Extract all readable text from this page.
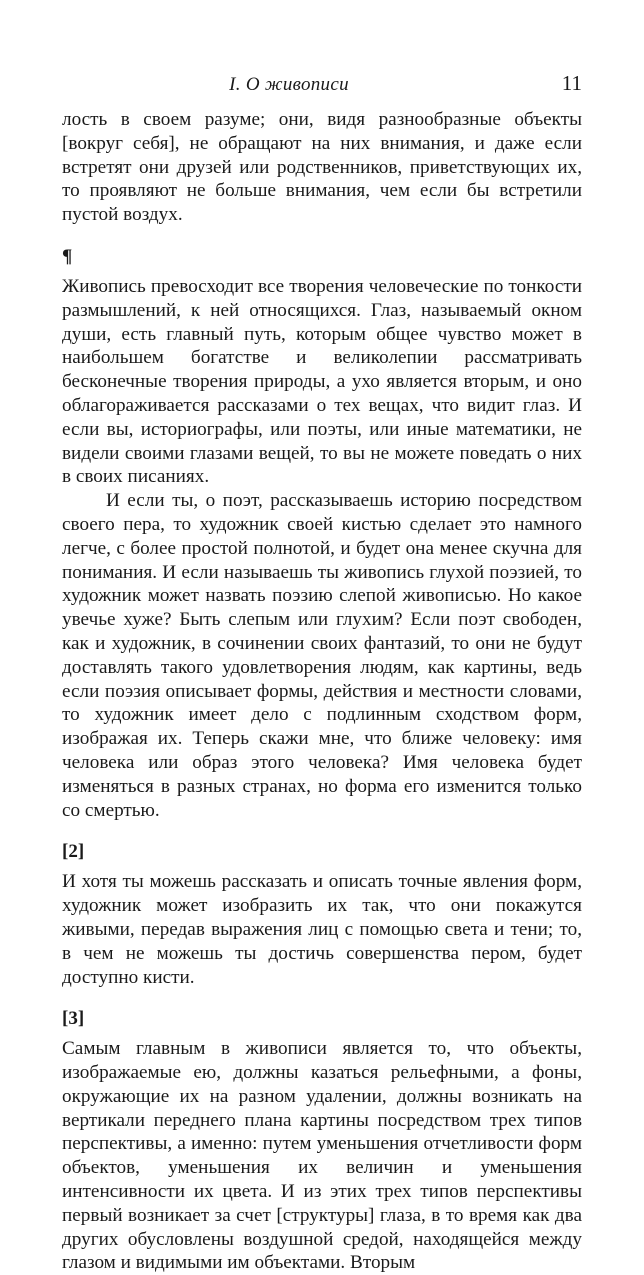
I. О живописи	11

лость в своем разуме; они, видя разнообразные объекты [вокруг себя], не обращают на них внимания, и даже если встретят они друзей или родственников, приветствующих их, то проявляют не больше внимания, чем если бы встретили пустой воздух.

¶

Живопись превосходит все творения человеческие по тонкости размышлений, к ней относящихся. Глаз, называемый окном души, есть главный путь, которым общее чувство может в наибольшем богатстве и великолепии рассматривать бесконечные творения природы, а ухо является вторым, и оно облагораживается рассказами о тех вещах, что видит глаз. И если вы, историографы, или поэты, или иные математики, не видели своими глазами вещей, то вы не можете поведать о них в своих писаниях.

И если ты, о поэт, рассказываешь историю посредством своего пера, то художник своей кистью сделает это намного легче, с более простой полнотой, и будет она менее скучна для понимания. И если называешь ты живопись глухой поэзией, то художник может назвать поэзию слепой живописью. Но какое увечье хуже? Быть слепым или глухим? Если поэт свободен, как и художник, в сочинении своих фантазий, то они не будут доставлять такого удовлетворения людям, как картины, ведь если поэзия описывает формы, действия и местности словами, то художник имеет дело с подлинным сходством форм, изображая их. Теперь скажи мне, что ближе человеку: имя человека или образ этого человека? Имя человека будет изменяться в разных странах, но форма его изменится только со смертью.

[2]

И хотя ты можешь рассказать и описать точные явления форм, художник может изобразить их так, что они покажутся живыми, передав выражения лиц с помощью света и тени; то, в чем не можешь ты достичь совершенства пером, будет доступно кисти.

[3]

Самым главным в живописи является то, что объекты, изображаемые ею, должны казаться рельефными, а фоны, окружающие их на разном удалении, должны возникать на вертикали переднего плана картины посредством трех типов перспективы, а именно: путем уменьшения отчетливости форм объектов, уменьшения их величин и уменьшения интенсивности их цвета. И из этих трех типов перспективы первый возникает за счет [структуры] глаза, в то время как два других обусловлены воздушной средой, находящейся между глазом и видимыми им объектами. Вторым
